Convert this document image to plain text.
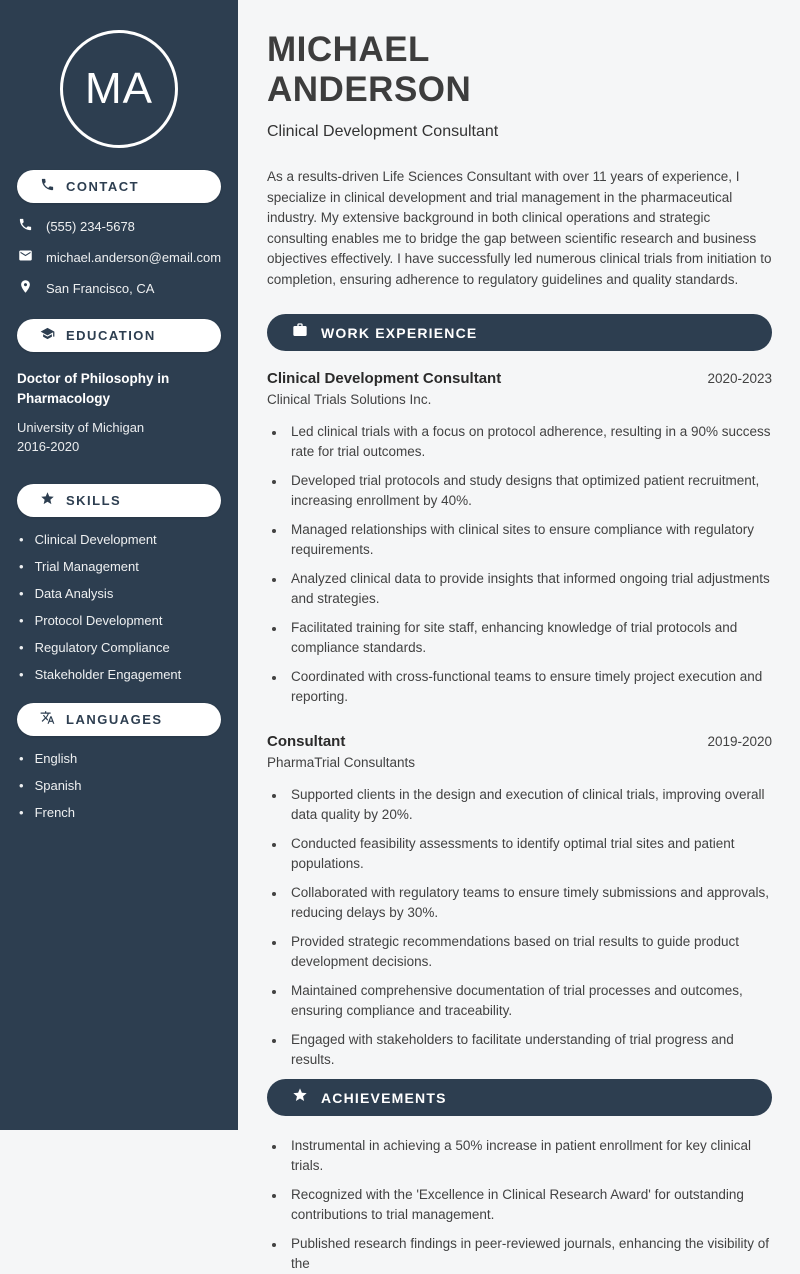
MA
CONTACT
(555) 234-5678
michael.anderson@email.com
San Francisco, CA
EDUCATION
Doctor of Philosophy in Pharmacology
University of Michigan
2016-2020
SKILLS
• Clinical Development
• Trial Management
• Data Analysis
• Protocol Development
• Regulatory Compliance
• Stakeholder Engagement
LANGUAGES
• English
• Spanish
• French
MICHAEL
ANDERSON
Clinical Development Consultant

As a results-driven Life Sciences Consultant with over 11 years of experience, I specialize in clinical development and trial management in the pharmaceutical industry. My extensive background in both clinical operations and strategic consulting enables me to bridge the gap between scientific research and business objectives effectively. I have successfully led numerous clinical trials from initiation to completion, ensuring adherence to regulatory guidelines and quality standards.

WORK EXPERIENCE
Clinical Development Consultant	2020-2023
Clinical Trials Solutions Inc.
• Led clinical trials with a focus on protocol adherence, resulting in a 90% success rate for trial outcomes.
• Developed trial protocols and study designs that optimized patient recruitment, increasing enrollment by 40%.
• Managed relationships with clinical sites to ensure compliance with regulatory requirements.
• Analyzed clinical data to provide insights that informed ongoing trial adjustments and strategies.
• Facilitated training for site staff, enhancing knowledge of trial protocols and compliance standards.
• Coordinated with cross-functional teams to ensure timely project execution and reporting.
Consultant	2019-2020
PharmaTrial Consultants
• Supported clients in the design and execution of clinical trials, improving overall data quality by 20%.
• Conducted feasibility assessments to identify optimal trial sites and patient populations.
• Collaborated with regulatory teams to ensure timely submissions and approvals, reducing delays by 30%.
• Provided strategic recommendations based on trial results to guide product development decisions.
• Maintained comprehensive documentation of trial processes and outcomes, ensuring compliance and traceability.
• Engaged with stakeholders to facilitate understanding of trial progress and results.
ACHIEVEMENTS
• Instrumental in achieving a 50% increase in patient enrollment for key clinical trials.
• Recognized with the 'Excellence in Clinical Research Award' for outstanding contributions to trial management.
• Published research findings in peer-reviewed journals, enhancing the visibility of the
